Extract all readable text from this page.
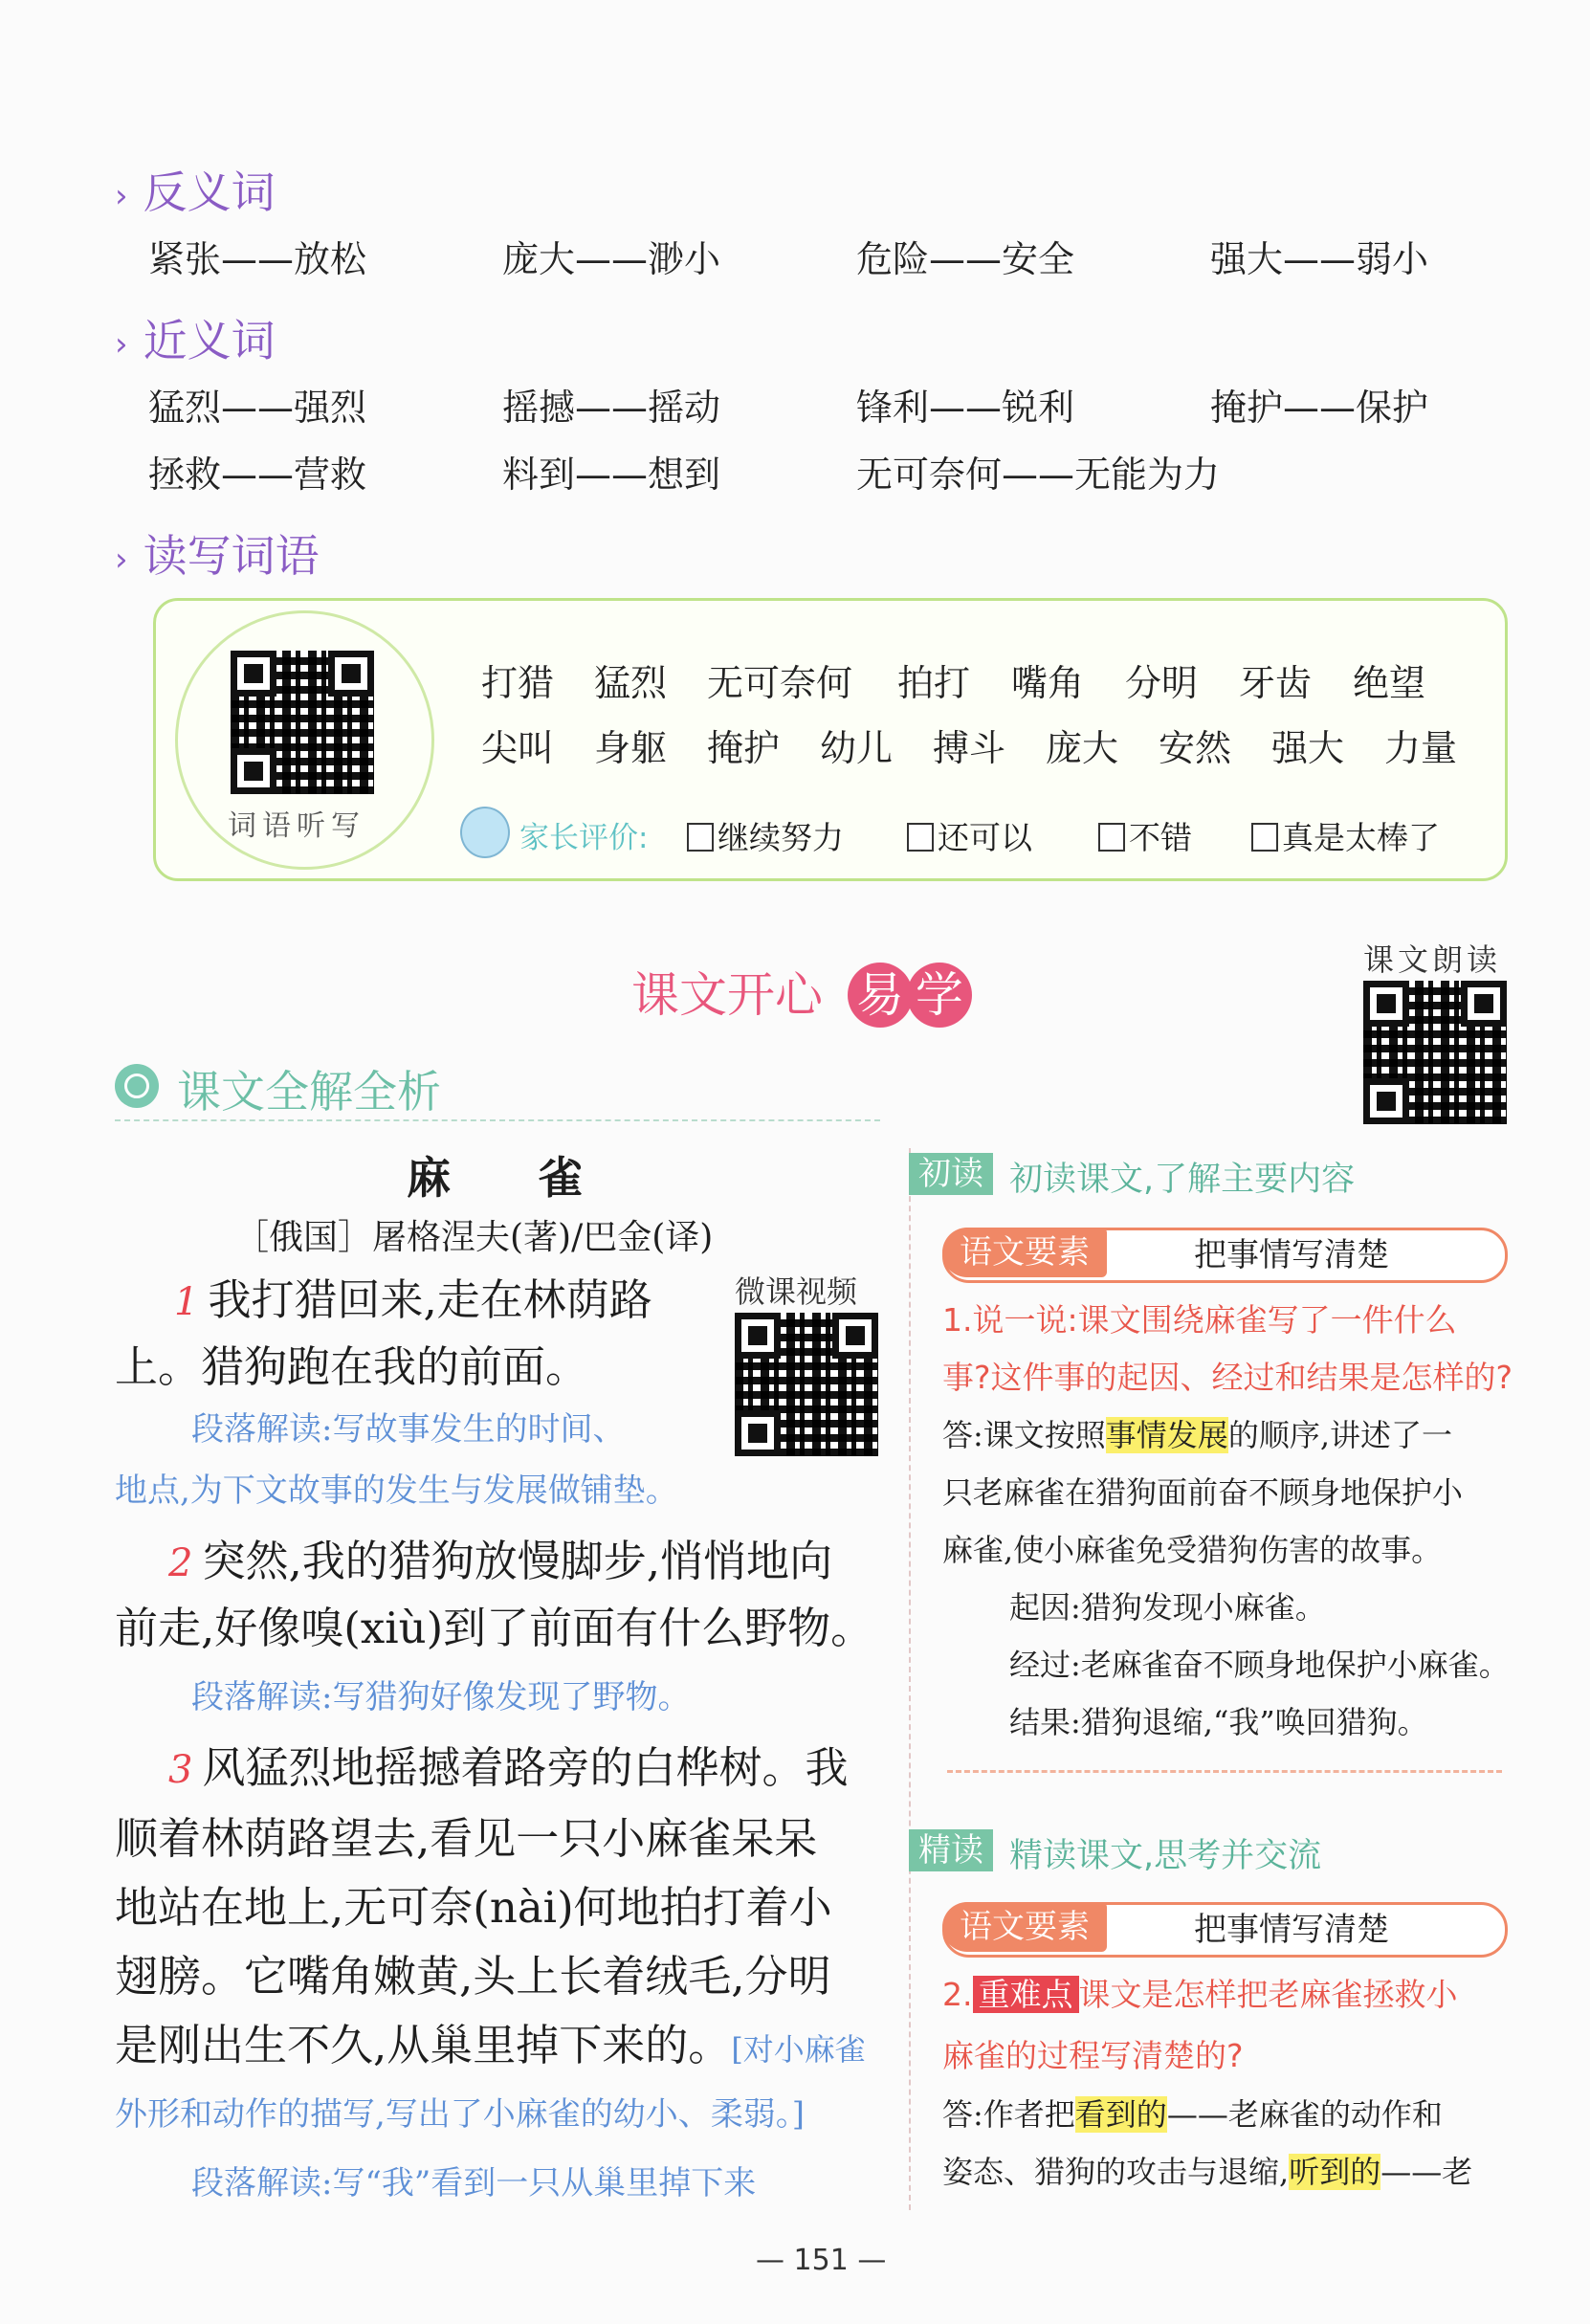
› 反义词
紧张——放松	庞大——渺小	危险——安全	强大——弱小
› 近义词
猛烈——强烈	摇撼——摇动	锋利——锐利	掩护——保护
拯救——营救	料到——想到	无可奈何——无能为力
› 读写词语
词语听写
打猎 猛烈 无可奈何 拍打 嘴角 分明 牙齿 绝望
尖叫 身躯 掩护 幼儿 搏斗 庞大 安然 强大 力量
家长评价:	继续努力	还可以	不错	真是太棒了
课文开心 易 学
课文朗读
课文全解全析
麻　　雀
［俄国］屠格涅夫(著)/巴金(译)
微课视频
1 我打猎回来,走在林荫路
上。猎狗跑在我的前面。
段落解读:写故事发生的时间、
地点,为下文故事的发生与发展做铺垫。
2 突然,我的猎狗放慢脚步,悄悄地向
前走,好像嗅(xiù)到了前面有什么野物。
段落解读:写猎狗好像发现了野物。
3 风猛烈地摇撼着路旁的白桦树。我
顺着林荫路望去,看见一只小麻雀呆呆
地站在地上,无可奈(nài)何地拍打着小
翅膀。它嘴角嫩黄,头上长着绒毛,分明
是刚出生不久,从巢里掉下来的。[对小麻雀
外形和动作的描写,写出了小麻雀的幼小、柔弱。]
段落解读:写“我”看到一只从巢里掉下来
初读 初读课文,了解主要内容
语文要素	把事情写清楚
1.说一说:课文围绕麻雀写了一件什么
事?这件事的起因、经过和结果是怎样的?
答:课文按照事情发展的顺序,讲述了一
只老麻雀在猎狗面前奋不顾身地保护小
麻雀,使小麻雀免受猎狗伤害的故事。
起因:猎狗发现小麻雀。
经过:老麻雀奋不顾身地保护小麻雀。
结果:猎狗退缩,“我”唤回猎狗。
精读 精读课文,思考并交流
语文要素	把事情写清楚
2. 重难点 课文是怎样把老麻雀拯救小
麻雀的过程写清楚的?
答:作者把看到的——老麻雀的动作和
姿态、猎狗的攻击与退缩,听到的——老
— 151 —
